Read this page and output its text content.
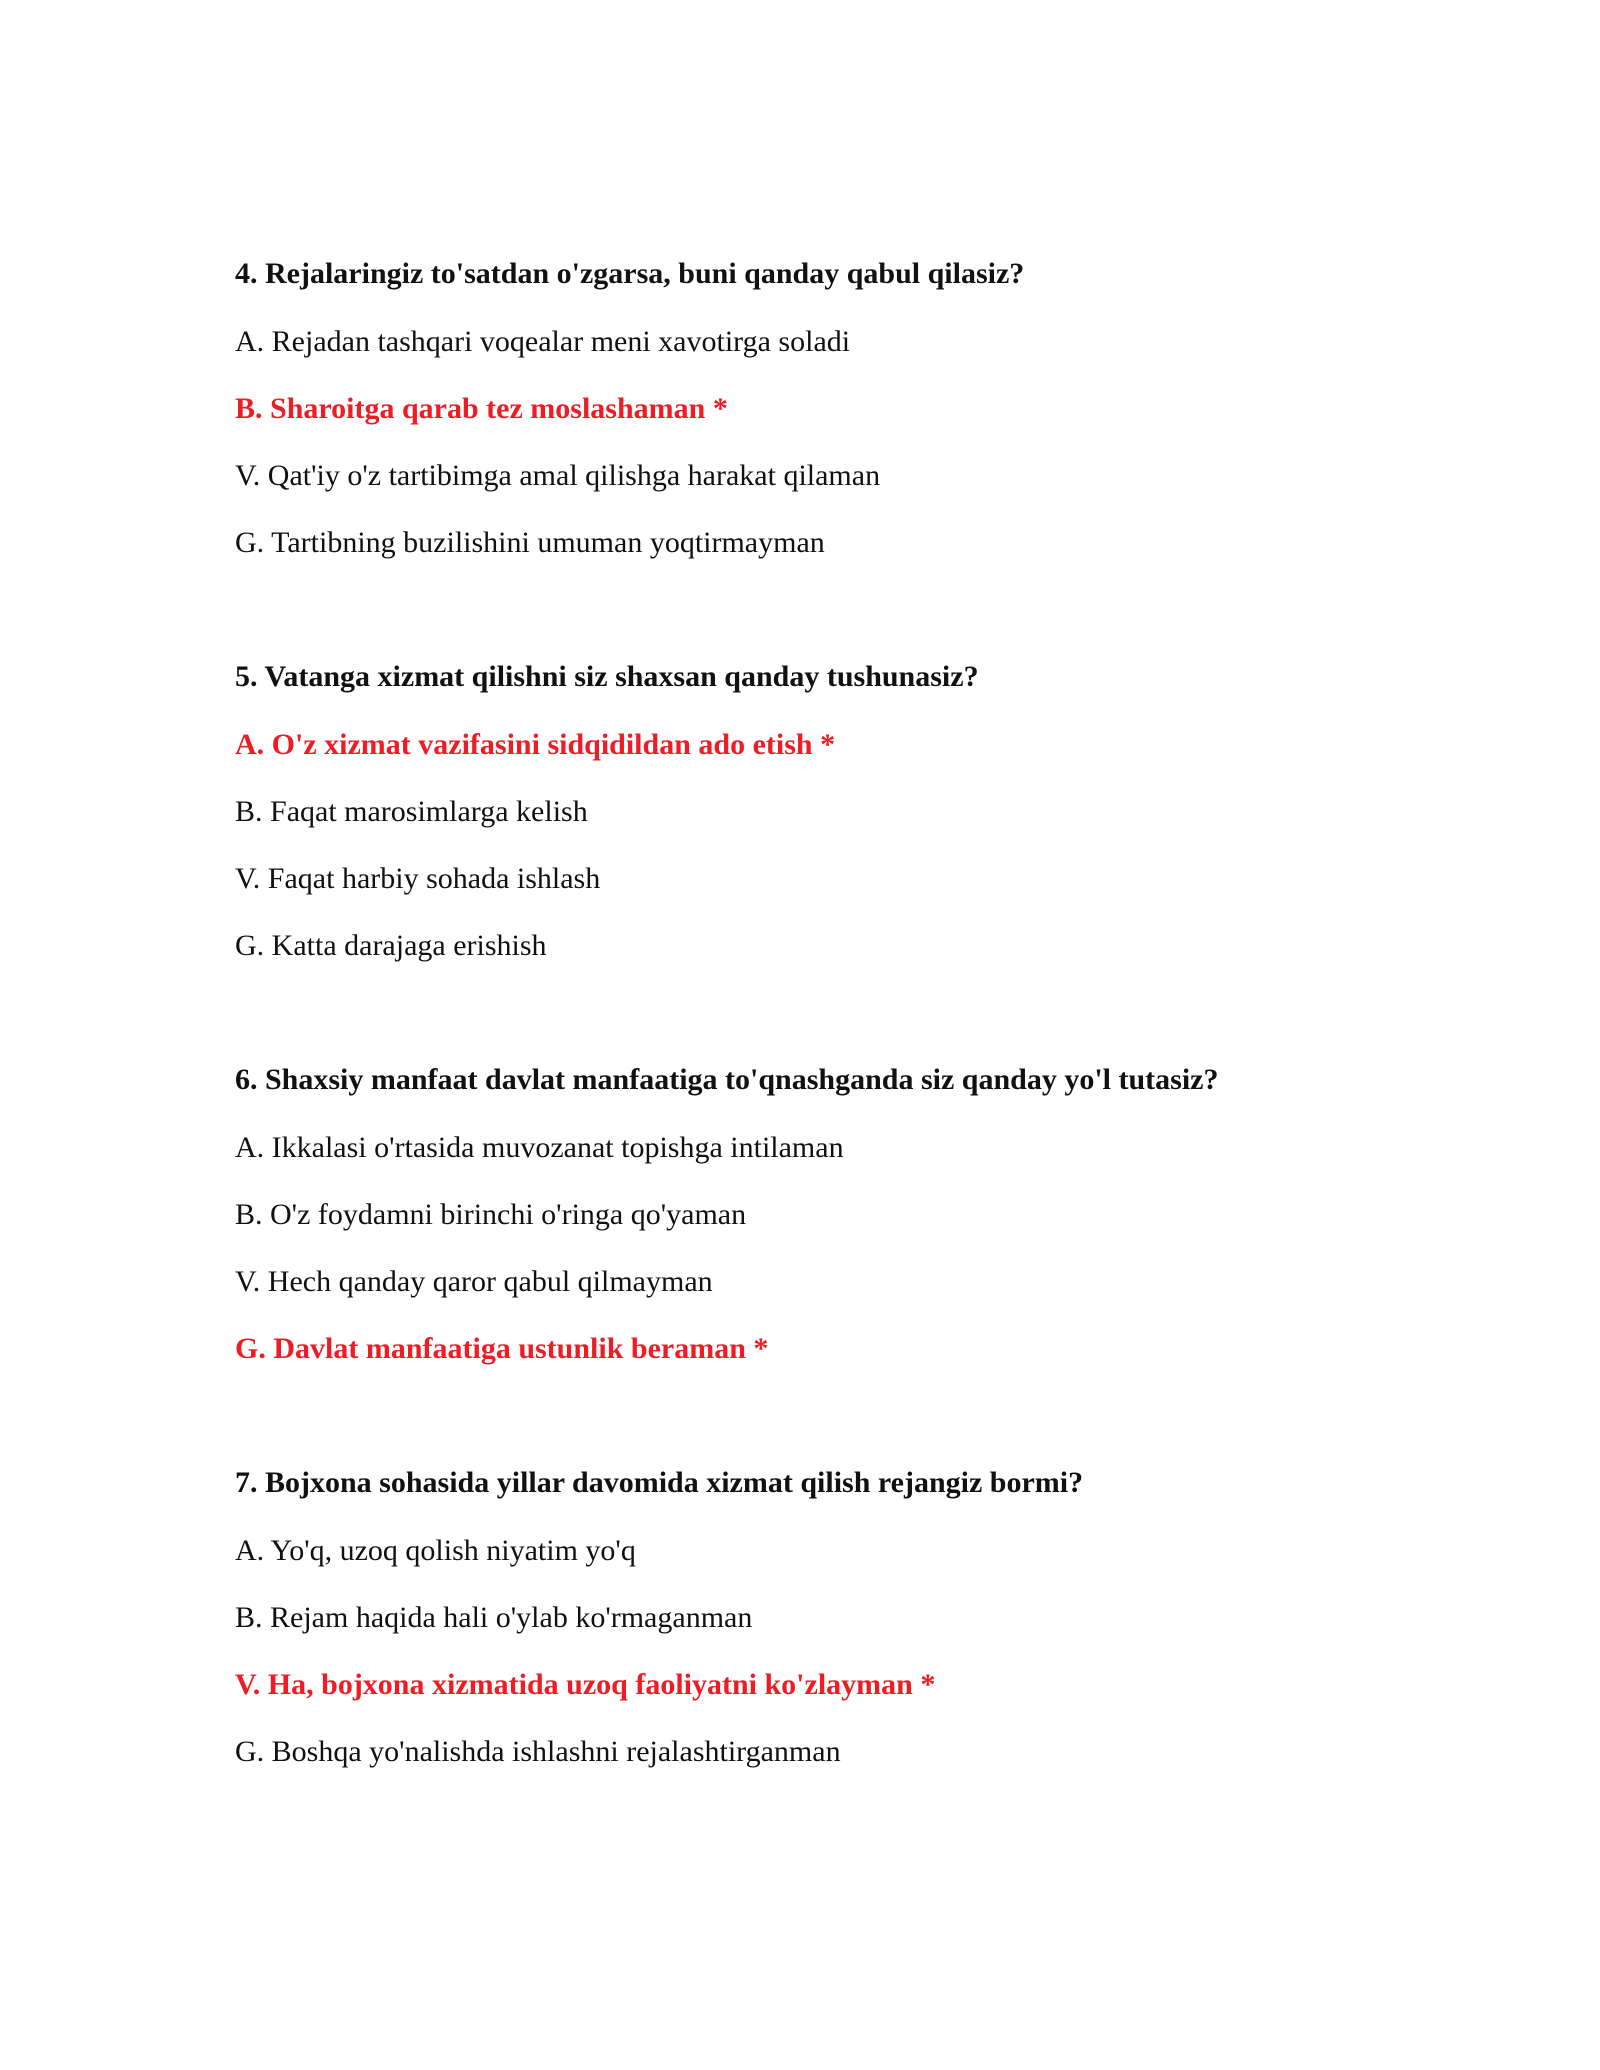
4. Rejalaringiz to'satdan o'zgarsa, buni qanday qabul qilasiz?
A. Rejadan tashqari voqealar meni xavotirga soladi
B. Sharoitga qarab tez moslashaman *
V. Qat'iy o'z tartibimga amal qilishga harakat qilaman
G. Tartibning buzilishini umuman yoqtirmayman
5. Vatanga xizmat qilishni siz shaxsan qanday tushunasiz?
A. O'z xizmat vazifasini sidqidildan ado etish *
B. Faqat marosimlarga kelish
V. Faqat harbiy sohada ishlash
G. Katta darajaga erishish
6. Shaxsiy manfaat davlat manfaatiga to'qnashganda siz qanday yo'l tutasiz?
A. Ikkalasi o'rtasida muvozanat topishga intilaman
B. O'z foydamni birinchi o'ringa qo'yaman
V. Hech qanday qaror qabul qilmayman
G. Davlat manfaatiga ustunlik beraman *
7. Bojxona sohasida yillar davomida xizmat qilish rejangiz bormi?
A. Yo'q, uzoq qolish niyatim yo'q
B. Rejam haqida hali o'ylab ko'rmaganman
V. Ha, bojxona xizmatida uzoq faoliyatni ko'zlayman *
G. Boshqa yo'nalishda ishlashni rejalashtirganman
